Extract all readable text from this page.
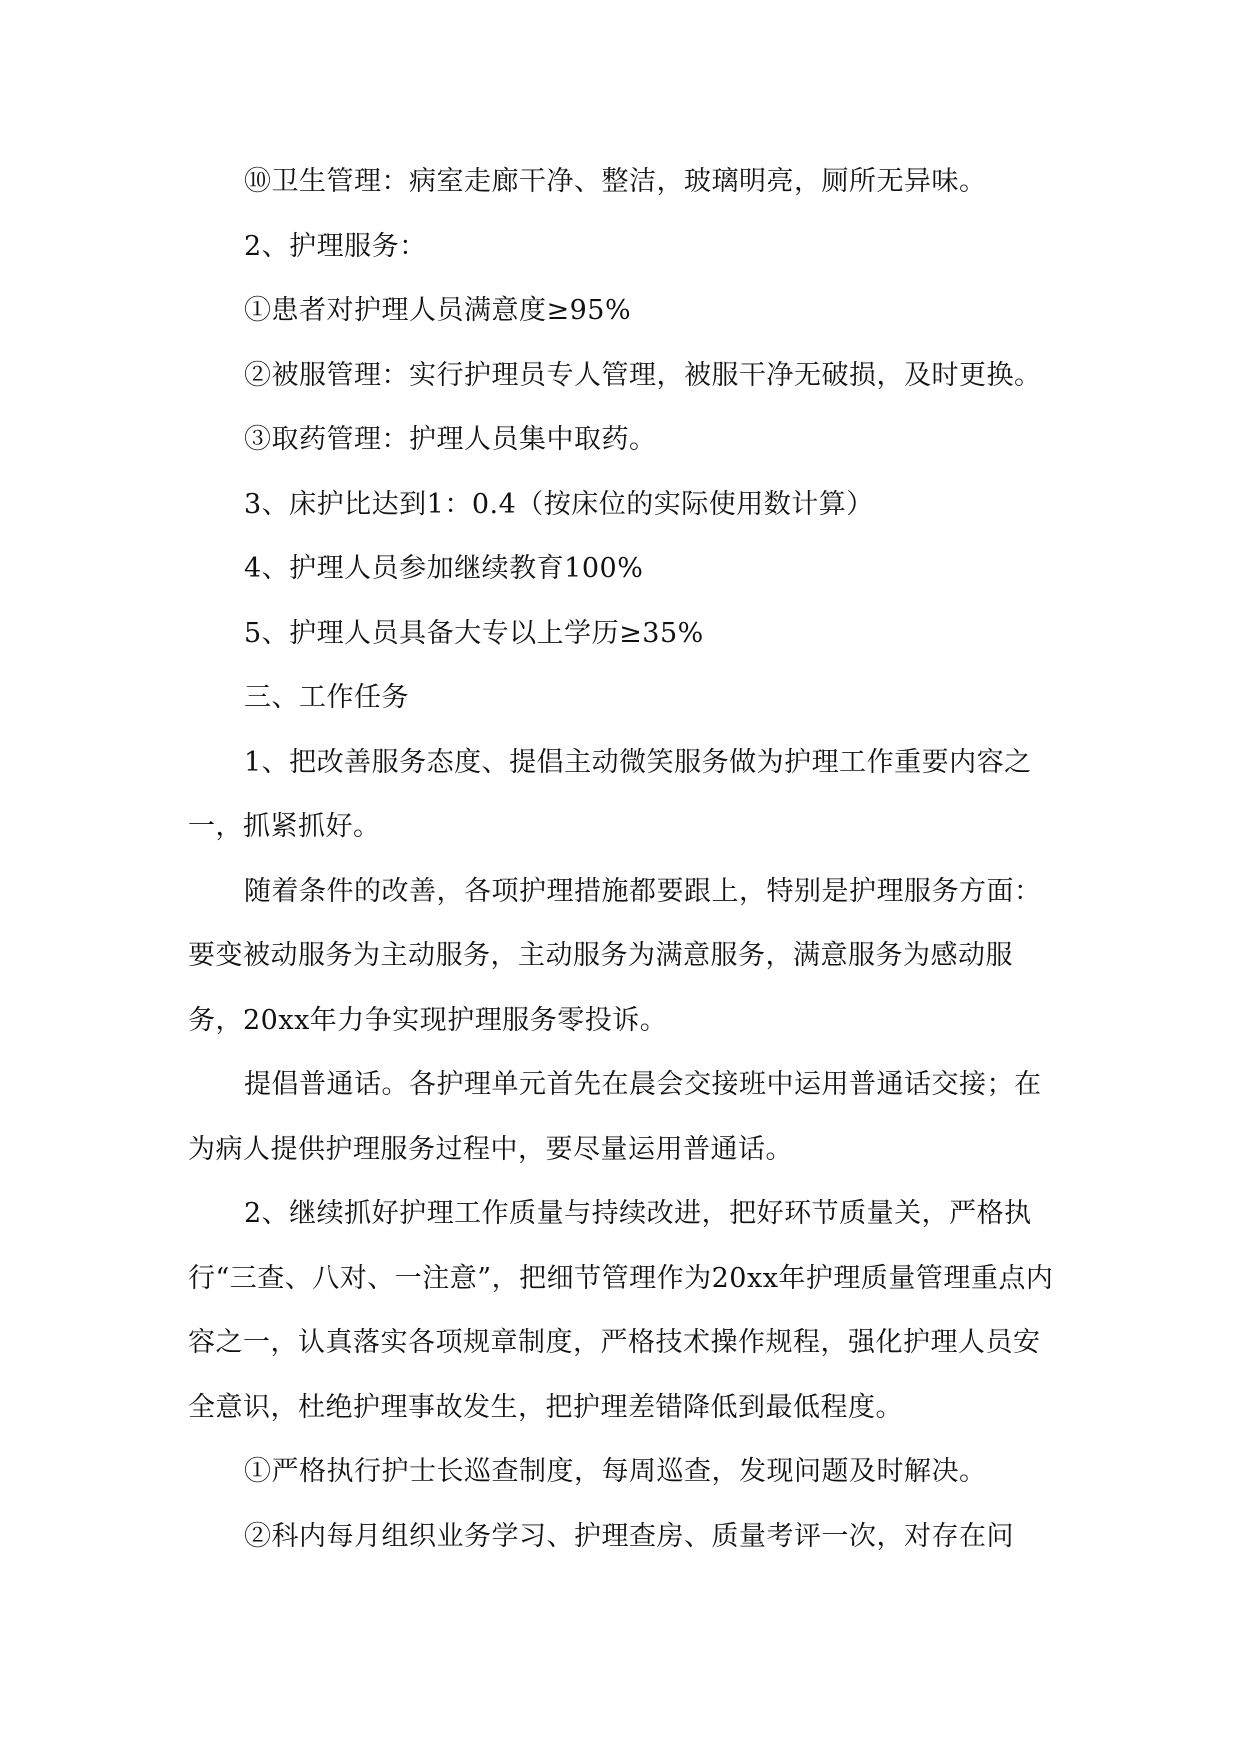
⑩卫生管理：病室走廊干净、整洁，玻璃明亮，厕所无异味。

2、护理服务：

①患者对护理人员满意度≥95%

②被服管理：实行护理员专人管理，被服干净无破损，及时更换。

③取药管理：护理人员集中取药。

3、床护比达到1：0.4（按床位的实际使用数计算）

4、护理人员参加继续教育100%

5、护理人员具备大专以上学历≥35%

三、工作任务

1、把改善服务态度、提倡主动微笑服务做为护理工作重要内容之一，抓紧抓好。

随着条件的改善，各项护理措施都要跟上，特别是护理服务方面：要变被动服务为主动服务，主动服务为满意服务，满意服务为感动服务，20xx年力争实现护理服务零投诉。

提倡普通话。各护理单元首先在晨会交接班中运用普通话交接；在为病人提供护理服务过程中，要尽量运用普通话。

2、继续抓好护理工作质量与持续改进，把好环节质量关，严格执行“三查、八对、一注意”，把细节管理作为20xx年护理质量管理重点内容之一，认真落实各项规章制度，严格技术操作规程，强化护理人员安全意识，杜绝护理事故发生，把护理差错降低到最低程度。

①严格执行护士长巡查制度，每周巡查，发现问题及时解决。

②科内每月组织业务学习、护理查房、质量考评一次，对存在问
